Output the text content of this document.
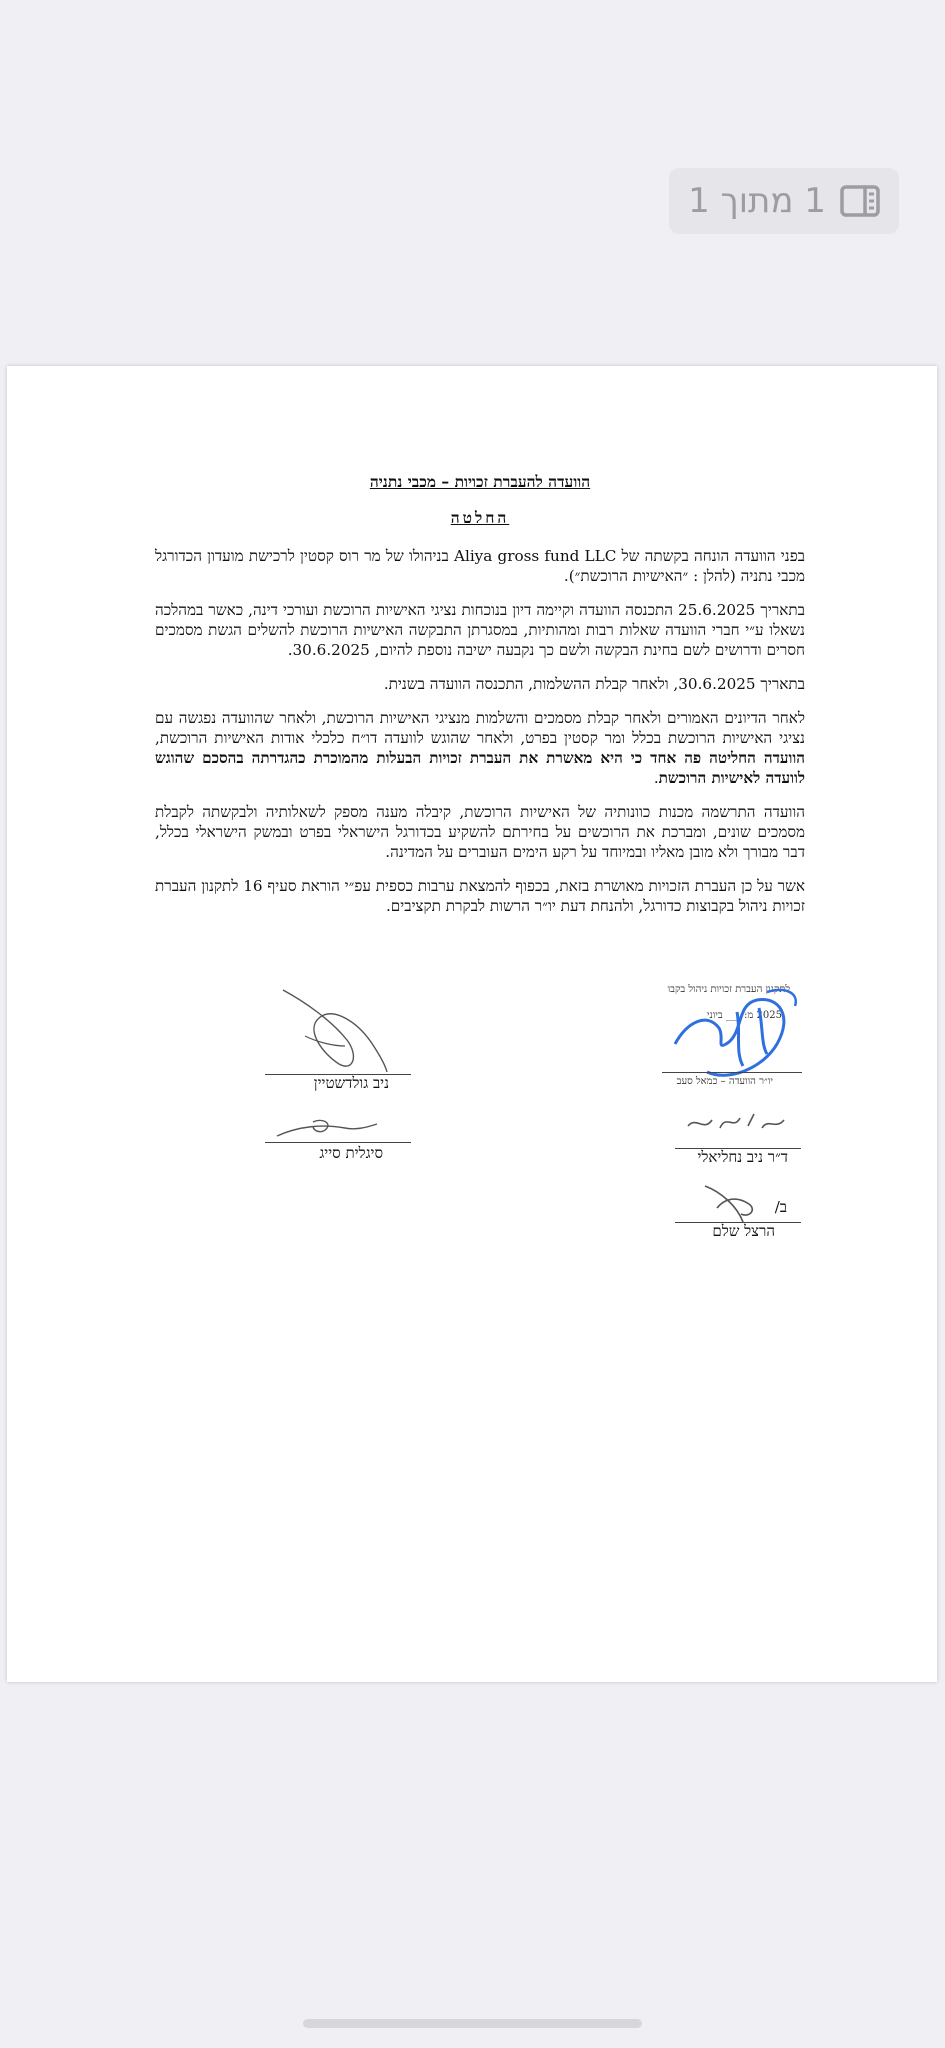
1 מתוך 1

הוועדה להעברת זכויות – מכבי נתניה

החלטה

בפני הוועדה הונחה בקשתה של Aliya gross fund LLC בניהולו של מר רוס קסטין לרכישת מועדון הכדורגל מכבי נתניה (להלן : ״האישיות הרוכשת״).

בתאריך 25.6.2025 התכנסה הוועדה וקיימה דיון בנוכחות נציגי האישיות הרוכשת ועורכי דינה, כאשר במהלכה נשאלו ע״י חברי הוועדה שאלות רבות ומהותיות, במסגרתן התבקשה האישיות הרוכשת להשלים הגשת מסמכים חסרים ודרושים לשם בחינת הבקשה ולשם כך נקבעה ישיבה נוספת להיום, 30.6.2025.

בתאריך 30.6.2025, ולאחר קבלת ההשלמות, התכנסה הוועדה בשנית.

לאחר הדיונים האמורים ולאחר קבלת מסמכים והשלמות מנציגי האישיות הרוכשת, ולאחר שהוועדה נפגשה עם נציגי האישיות הרוכשת בכלל ומר קסטין בפרט, ולאחר שהוגש לוועדה דו״ח כלכלי אודות האישיות הרוכשת, הוועדה החליטה פה אחד כי היא מאשרת את העברת זכויות הבעלות מהמוכרת כהגדרתה בהסכם שהוגש לוועדה לאישיות הרוכשת.

הוועדה התרשמה מכנות כוונותיה של האישיות הרוכשת, קיבלה מענה מספק לשאלותיה ולבקשתה לקבלת מסמכים שונים, ומברכת את הרוכשים על בחירתם להשקיע בכדורגל הישראלי בפרט ובמשק הישראלי בכלל, דבר מבורך ולא מובן מאליו ובמיוחד על רקע הימים העוברים על המדינה.

אשר על כן העברת הזכויות מאושרת בזאת, בכפוף להמצאת ערבות כספית עפ״י הוראת סעיף 16 לתקנון העברת זכויות ניהול בקבוצות כדורגל, ולהנחת דעת יו״ר הרשות לבקרת תקציבים.

לתקנון העברת זכויות ניהול בקבו
2025 מ: ___ ביוני
יו״ר הוועדה – כמאל סעב
ד״ר ניב נחליאלי
ב/
הרצל שלם
ניב גולדשטיין
סיגלית סייג
